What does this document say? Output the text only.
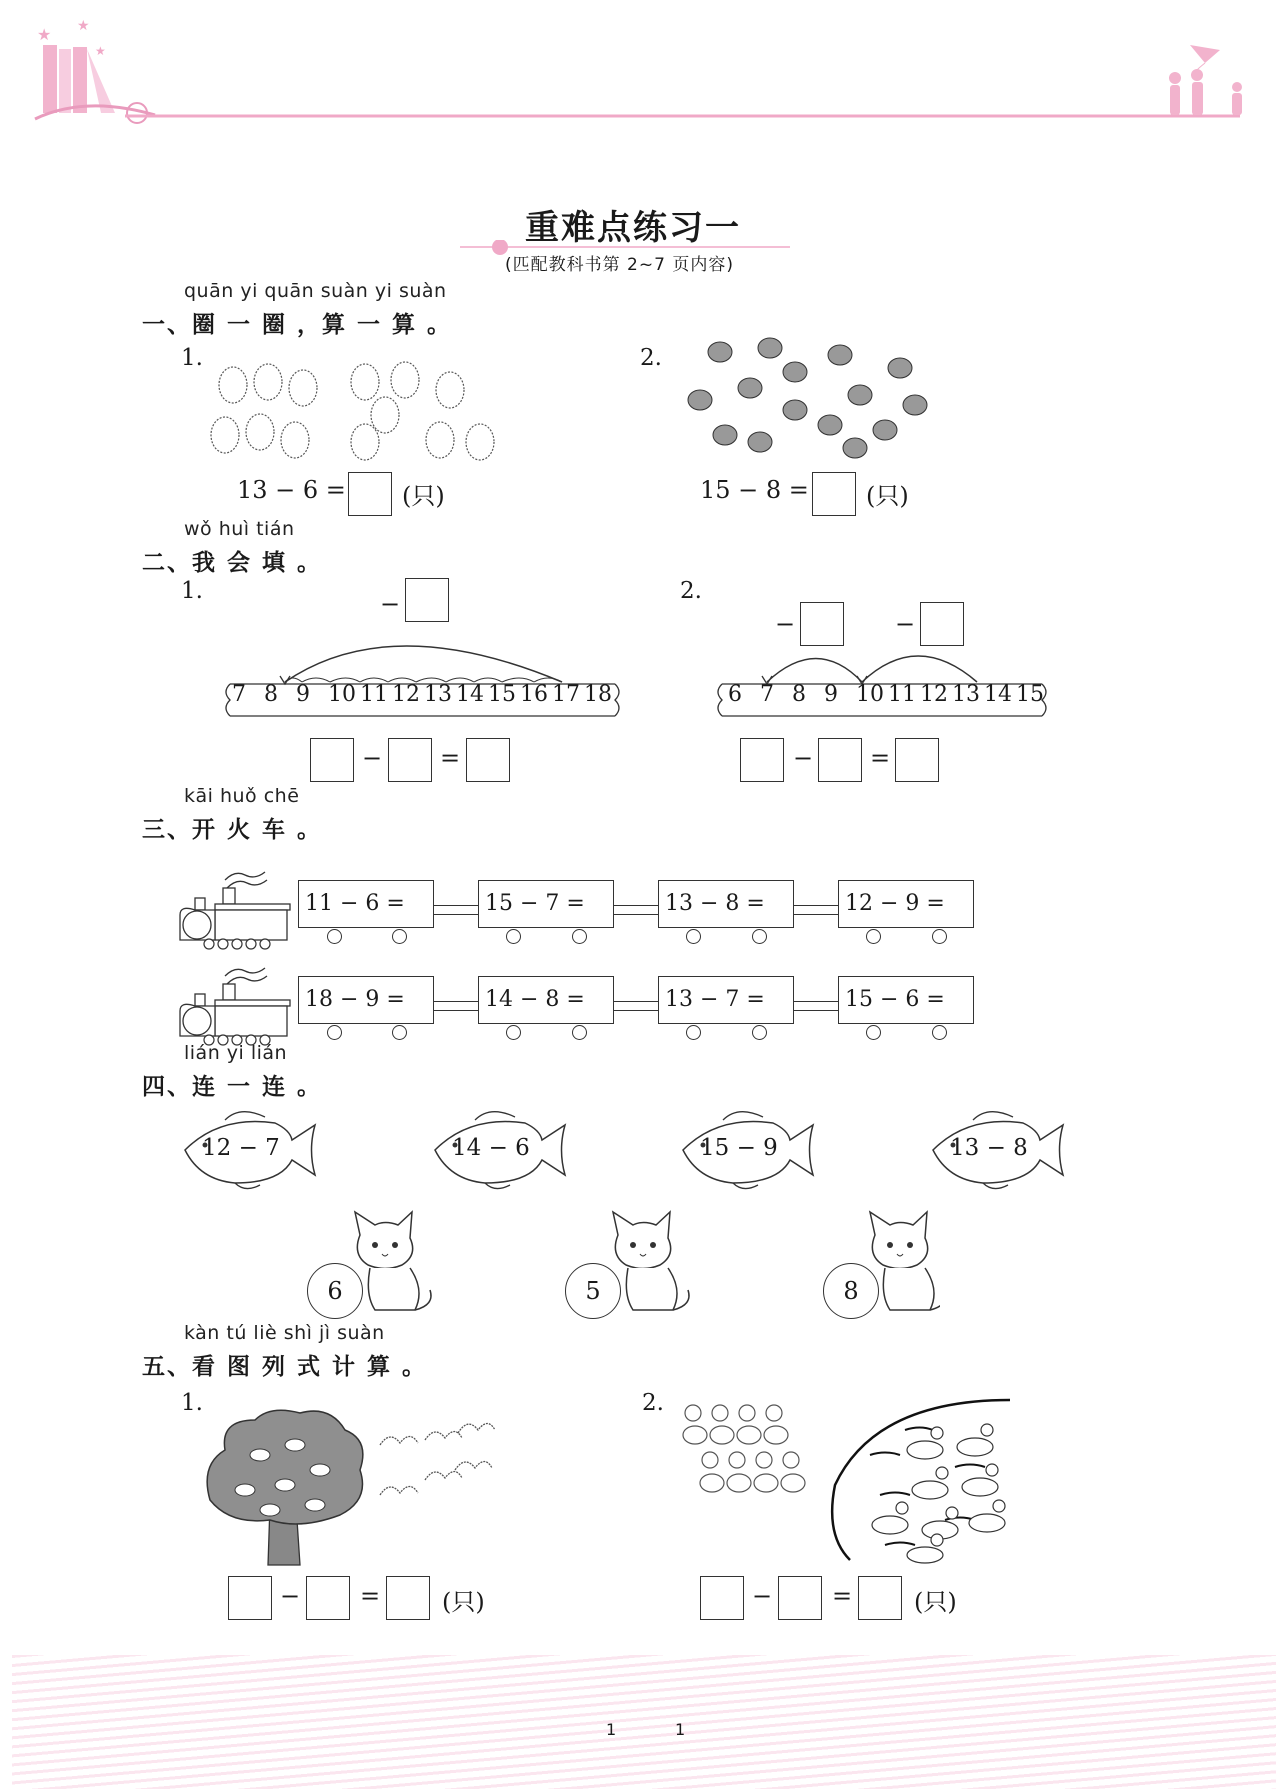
★ ★
★
重难点练习一
(匹配教科书第 2~7 页内容)
quān yi quān suàn yi suàn
一、圈 一 圈 ，算 一 算 。
1.	2.
13 − 6 = (只)	15 − 8 = (只)
wǒ huì tián
二、我 会 填 。
1.	2.
−
−	−
7 8 9 10 11 12 13 14 15 16 17 18	6 7 8 9 10 11 12 13 14 15
− =	− =
kāi huǒ chē
三、开 火 车 。
11 − 6 =	15 − 7 =	13 − 8 =	12 − 9 =
18 − 9 =	14 − 8 =	13 − 7 =	15 − 6 =
lián yi lián
四、连 一 连 。
12 − 7	14 − 6	15 − 9	13 − 8
6	5	8
kàn tú liè shì jì suàn
五、看 图 列 式 计 算 。
1.	2.
− =	(只)	− =	(只)
1	1
